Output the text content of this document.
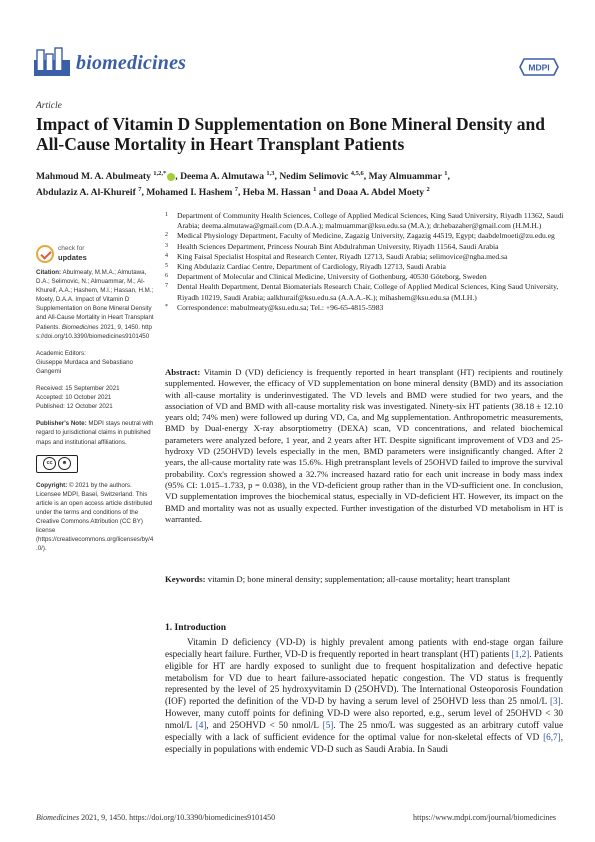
biomedicines	MDPI
Article
Impact of Vitamin D Supplementation on Bone Mineral Density and All-Cause Mortality in Heart Transplant Patients
Mahmoud M. A. Abulmeaty $^{1,2,*}$ , Deema A. Almutawa $^{1,3}$, Nedim Selimovic $^{4,5,6}$, May Almuammar $^1$,
Abdulaziz A. Al-Khureif $^7$, Mohamed I. Hashem $^7$, Heba M. Hassan $^1$ and Doaa A. Abdel Moety $^2$
1	Department of Community Health Sciences, College of Applied Medical Sciences, King Saud University, Riyadh 11362, Saudi Arabia; deema.almutawa@gmail.com (D.A.A.); malmuammar@ksu.edu.sa (M.A.); dr.hebazaher@gmail.com (H.M.H.)
2	Medical Physiology Department, Faculty of Medicine, Zagazig University, Zagazig 44519, Egypt; daabdelmoeti@zu.edu.eg
3	Health Sciences Department, Princess Nourah Bint Abdulrahman University, Riyadh 11564, Saudi Arabia
4	King Faisal Specialist Hospital and Research Center, Riyadh 12713, Saudi Arabia; selimovice@ngha.med.sa
5	King Abdulaziz Cardiac Centre, Department of Cardiology, Riyadh 12713, Saudi Arabia
6	Department of Molecular and Clinical Medicine, University of Gothenburg, 40530 Göteborg, Sweden
7	Dental Health Department, Dental Biomaterials Research Chair, College of Applied Medical Sciences, King Saud University, Riyadh 10219, Saudi Arabia; aalkhuraif@ksu.edu.sa (A.A.A.-K.); mihashem@ksu.edu.sa (M.I.H.)
*	Correspondence: mabulmeaty@ksu.edu.sa; Tel.: +96-65-4815-5983
check for
updates
Citation: Abulmeaty, M.M.A.; Almutawa, D.A.; Selimovic, N.; Almuammar, M.; Al-Khureif, A.A.; Hashem, M.I.; Hassan, H.M.; Moety, D.A.A. Impact of Vitamin D Supplementation on Bone Mineral Density and All-Cause Mortality in Heart Transplant Patients. Biomedicines 2021, 9, 1450. https://doi.org/10.3390/biomedicines9101450
Academic Editors:
Giuseppe Murdaca and Sebastiano Gangemi
Received: 15 September 2021
Accepted: 10 October 2021
Published: 12 October 2021
Publisher's Note: MDPI stays neutral with regard to jurisdictional claims in published maps and institutional affiliations.
cc	☻
Copyright: © 2021 by the authors. Licensee MDPI, Basel, Switzerland. This article is an open access article distributed under the terms and conditions of the Creative Commons Attribution (CC BY) license (https://creativecommons.org/licenses/by/4.0/).
Abstract: Vitamin D (VD) deficiency is frequently reported in heart transplant (HT) recipients and routinely supplemented. However, the efficacy of VD supplementation on bone mineral density (BMD) and its association with all-cause mortality is underinvestigated. The VD levels and BMD were studied for two years, and the association of VD and BMD with all-cause mortality risk was investigated. Ninety-six HT patients (38.18 ± 12.10 years old; 74% men) were followed up during VD, Ca, and Mg supplementation. Anthropometric measurements, BMD by Dual-energy X-ray absorptiometry (DEXA) scan, VD concentrations, and related biochemical parameters were analyzed before, 1 year, and 2 years after HT. Despite significant improvement of VD3 and 25-hydroxy VD (25OHVD) levels especially in the men, BMD parameters were insignificantly changed. After 2 years, the all-cause mortality rate was 15.6%. High pretransplant levels of 25OHVD failed to improve the survival probability. Cox's regression showed a 32.7% increased hazard ratio for each unit increase in body mass index (95% CI: 1.015–1.733, p = 0.038), in the VD-deficient group rather than in the VD-sufficient one. In conclusion, VD supplementation improves the biochemical status, especially in VD-deficient HT. However, its impact on the BMD and mortality was not as usually expected. Further investigation of the disturbed VD metabolism in HT is warranted.
Keywords: vitamin D; bone mineral density; supplementation; all-cause mortality; heart transplant
1. Introduction
Vitamin D deficiency (VD-D) is highly prevalent among patients with end-stage organ failure especially heart failure. Further, VD-D is frequently reported in heart transplant (HT) patients [1,2]. Patients eligible for HT are hardly exposed to sunlight due to frequent hospitalization and defective hepatic metabolism for VD due to heart failure-associated hepatic congestion. The VD status is frequently represented by the level of 25 hydroxyvitamin D (25OHVD). The International Osteoporosis Foundation (IOF) reported the definition of the VD-D by having a serum level of 25OHVD less than 25 nmol/L [3]. However, many cutoff points for defining VD-D were also reported, e.g., serum level of 25OHVD < 30 nmol/L [4], and 25OHVD < 50 nmol/L [5]. The 25 nmo/L was suggested as an arbitrary cutoff value especially with a lack of sufficient evidence for the optimal value for non-skeletal effects of VD [6,7], especially in populations with endemic VD-D such as Saudi Arabia. In Saudi
Biomedicines 2021, 9, 1450. https://doi.org/10.3390/biomedicines9101450	https://www.mdpi.com/journal/biomedicines
